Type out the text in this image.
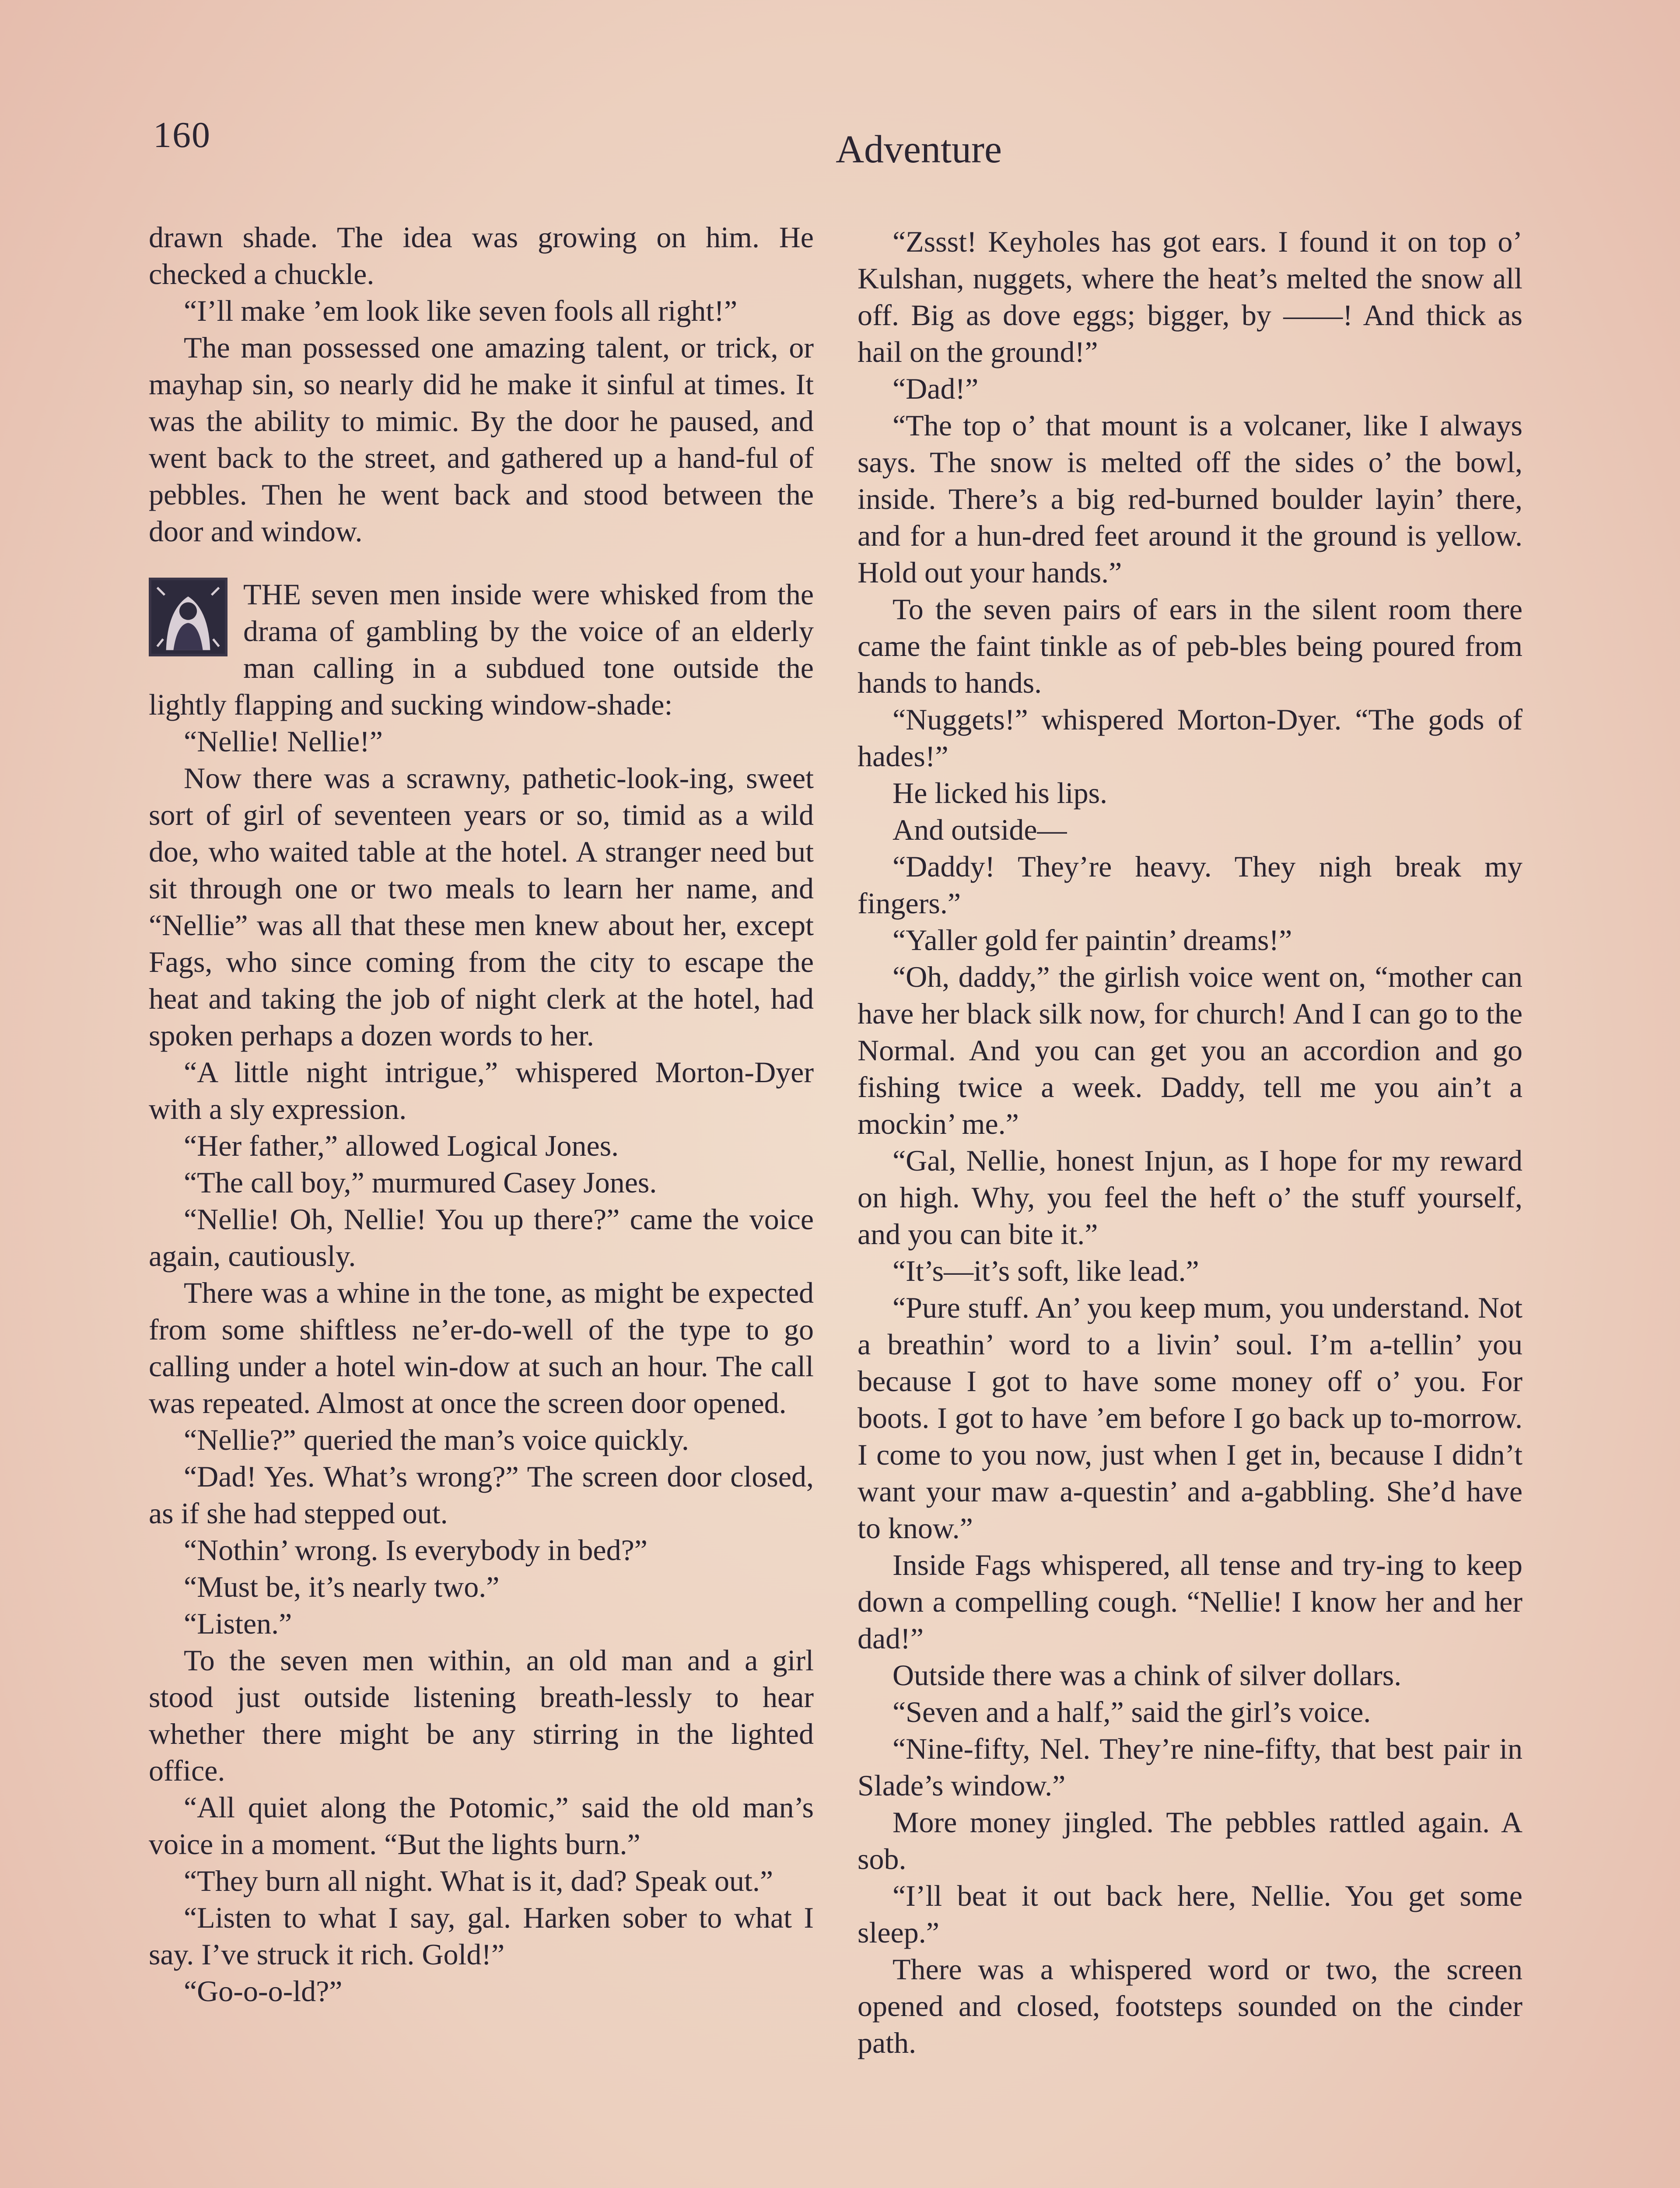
160	Adventure

drawn shade. The idea was growing on him. He checked a chuckle.

“I’ll make ’em look like seven fools all right!”

The man possessed one amazing talent, or trick, or mayhap sin, so nearly did he make it sinful at times. It was the ability to mimic. By the door he paused, and went back to the street, and gathered up a hand-ful of pebbles. Then he went back and stood between the door and window.

THE seven men inside were whisked from the drama of gambling by the voice of an elderly man calling in a subdued tone outside the lightly flapping and sucking window-shade:

“Nellie! Nellie!”

Now there was a scrawny, pathetic-look-ing, sweet sort of girl of seventeen years or so, timid as a wild doe, who waited table at the hotel. A stranger need but sit through one or two meals to learn her name, and “Nellie” was all that these men knew about her, except Fags, who since coming from the city to escape the heat and taking the job of night clerk at the hotel, had spoken perhaps a dozen words to her.

“A little night intrigue,” whispered Morton-Dyer with a sly expression.

“Her father,” allowed Logical Jones.

“The call boy,” murmured Casey Jones.

“Nellie! Oh, Nellie! You up there?” came the voice again, cautiously.

There was a whine in the tone, as might be expected from some shiftless ne’er-do-well of the type to go calling under a hotel win-dow at such an hour. The call was repeated. Almost at once the screen door opened.

“Nellie?” queried the man’s voice quickly.

“Dad! Yes. What’s wrong?” The screen door closed, as if she had stepped out.

“Nothin’ wrong. Is everybody in bed?”

“Must be, it’s nearly two.”

“Listen.”

To the seven men within, an old man and a girl stood just outside listening breath-lessly to hear whether there might be any stirring in the lighted office.

“All quiet along the Potomic,” said the old man’s voice in a moment. “But the lights burn.”

“They burn all night. What is it, dad? Speak out.”

“Listen to what I say, gal. Harken sober to what I say. I’ve struck it rich. Gold!”

“Go-o-o-ld?”

“Zssst! Keyholes has got ears. I found it on top o’ Kulshan, nuggets, where the heat’s melted the snow all off. Big as dove eggs; bigger, by ——! And thick as hail on the ground!”

“Dad!”

“The top o’ that mount is a volcaner, like I always says. The snow is melted off the sides o’ the bowl, inside. There’s a big red-burned boulder layin’ there, and for a hun-dred feet around it the ground is yellow. Hold out your hands.”

To the seven pairs of ears in the silent room there came the faint tinkle as of peb-bles being poured from hands to hands.

“Nuggets!” whispered Morton-Dyer. “The gods of hades!”

He licked his lips.

And outside—

“Daddy! They’re heavy. They nigh break my fingers.”

“Yaller gold fer paintin’ dreams!”

“Oh, daddy,” the girlish voice went on, “mother can have her black silk now, for church! And I can go to the Normal. And you can get you an accordion and go fishing twice a week. Daddy, tell me you ain’t a mockin’ me.”

“Gal, Nellie, honest Injun, as I hope for my reward on high. Why, you feel the heft o’ the stuff yourself, and you can bite it.”

“It’s—it’s soft, like lead.”

“Pure stuff. An’ you keep mum, you understand. Not a breathin’ word to a livin’ soul. I’m a-tellin’ you because I got to have some money off o’ you. For boots. I got to have ’em before I go back up to-morrow. I come to you now, just when I get in, because I didn’t want your maw a-questin’ and a-gabbling. She’d have to know.”

Inside Fags whispered, all tense and try-ing to keep down a compelling cough. “Nellie! I know her and her dad!”

Outside there was a chink of silver dollars.

“Seven and a half,” said the girl’s voice.

“Nine-fifty, Nel. They’re nine-fifty, that best pair in Slade’s window.”

More money jingled. The pebbles rattled again. A sob.

“I’ll beat it out back here, Nellie. You get some sleep.”

There was a whispered word or two, the screen opened and closed, footsteps sounded on the cinder path.
